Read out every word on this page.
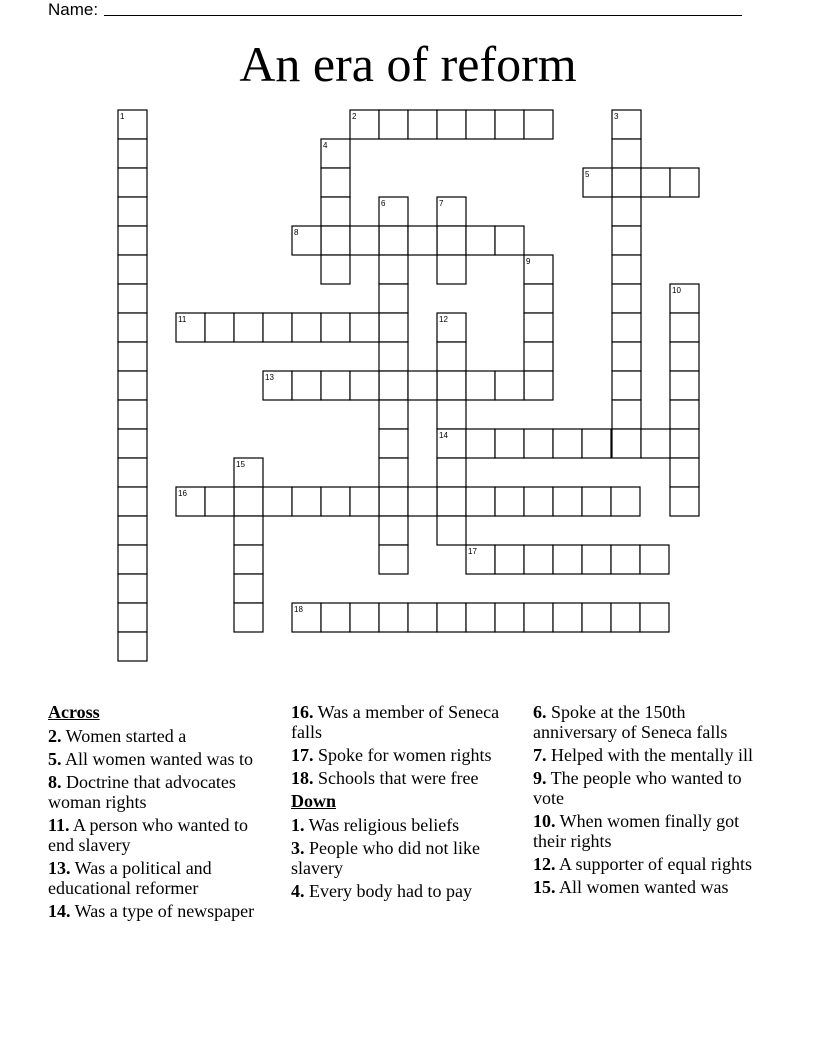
Name:
An era of reform
1	2	3
4
5
6	7
8
9
10
11	12
13
14
15
16
17
18
Across
2. Women started a
5. All women wanted was to
8. Doctrine that advocates woman rights
11. A person who wanted to end slavery
13. Was a political and educational reformer
14. Was a type of newspaper
16. Was a member of Seneca falls
17. Spoke for women rights
18. Schools that were free
Down
1. Was religious beliefs
3. People who did not like slavery
4. Every body had to pay
6. Spoke at the 150th anniversary of Seneca falls
7. Helped with the mentally ill
9. The people who wanted to vote
10. When women finally got their rights
12. A supporter of equal rights
15. All women wanted was
